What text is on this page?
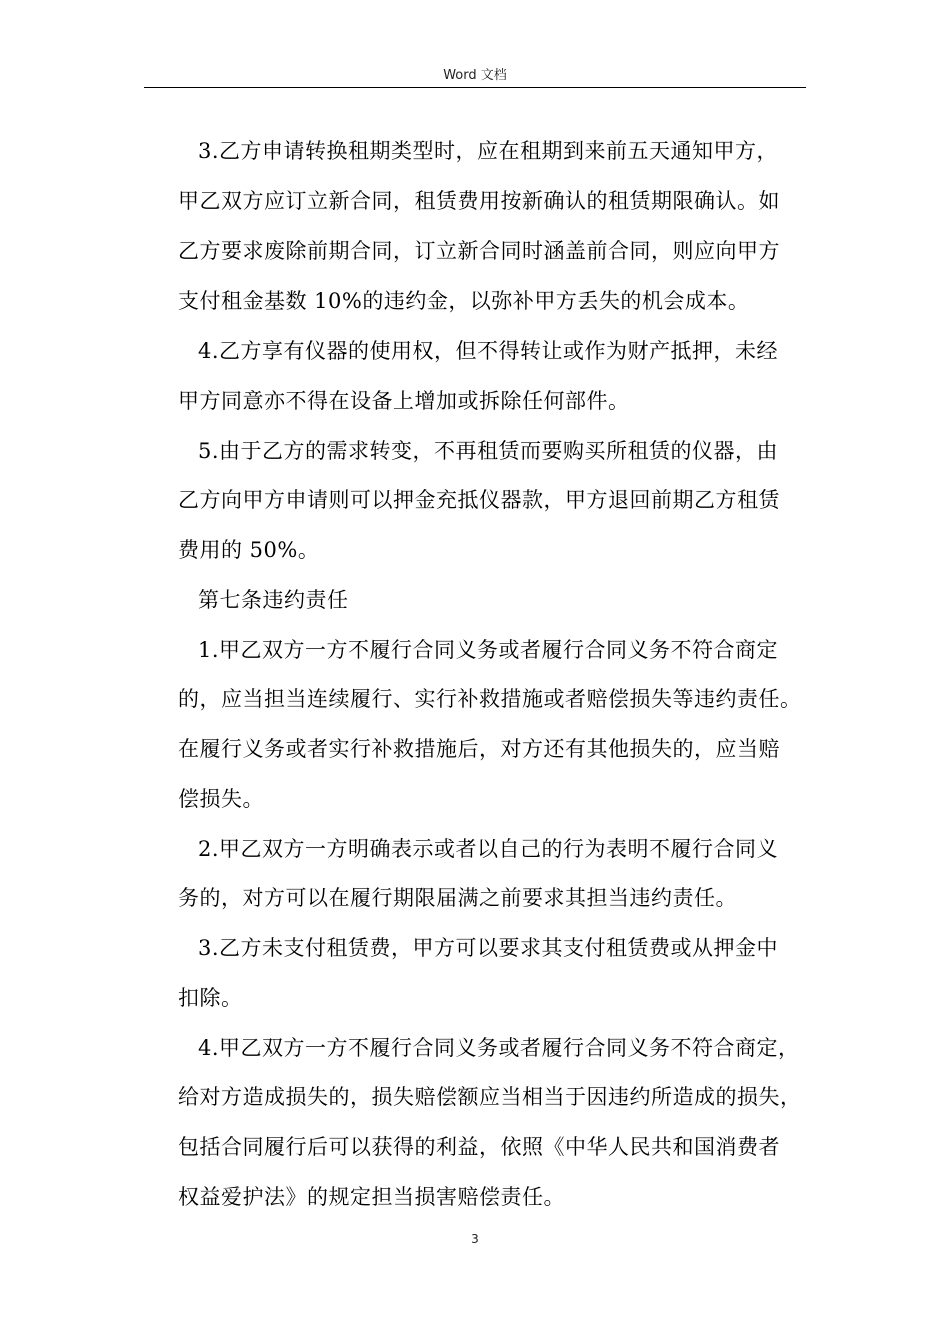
Word 文档
3.乙方申请转换租期类型时，应在租期到来前五天通知甲方，
甲乙双方应订立新合同，租赁费用按新确认的租赁期限确认。如
乙方要求废除前期合同，订立新合同时涵盖前合同，则应向甲方
支付租金基数 10%的违约金，以弥补甲方丢失的机会成本。
4.乙方享有仪器的使用权，但不得转让或作为财产抵押，未经
甲方同意亦不得在设备上增加或拆除任何部件。
5.由于乙方的需求转变，不再租赁而要购买所租赁的仪器，由
乙方向甲方申请则可以押金充抵仪器款，甲方退回前期乙方租赁
费用的 50%。
第七条违约责任
1.甲乙双方一方不履行合同义务或者履行合同义务不符合商定
的，应当担当连续履行、实行补救措施或者赔偿损失等违约责任。
在履行义务或者实行补救措施后，对方还有其他损失的，应当赔
偿损失。
2.甲乙双方一方明确表示或者以自己的行为表明不履行合同义
务的，对方可以在履行期限届满之前要求其担当违约责任。
3.乙方未支付租赁费，甲方可以要求其支付租赁费或从押金中
扣除。
4.甲乙双方一方不履行合同义务或者履行合同义务不符合商定，
给对方造成损失的，损失赔偿额应当相当于因违约所造成的损失，
包括合同履行后可以获得的利益，依照《中华人民共和国消费者
权益爱护法》的规定担当损害赔偿责任。
3
